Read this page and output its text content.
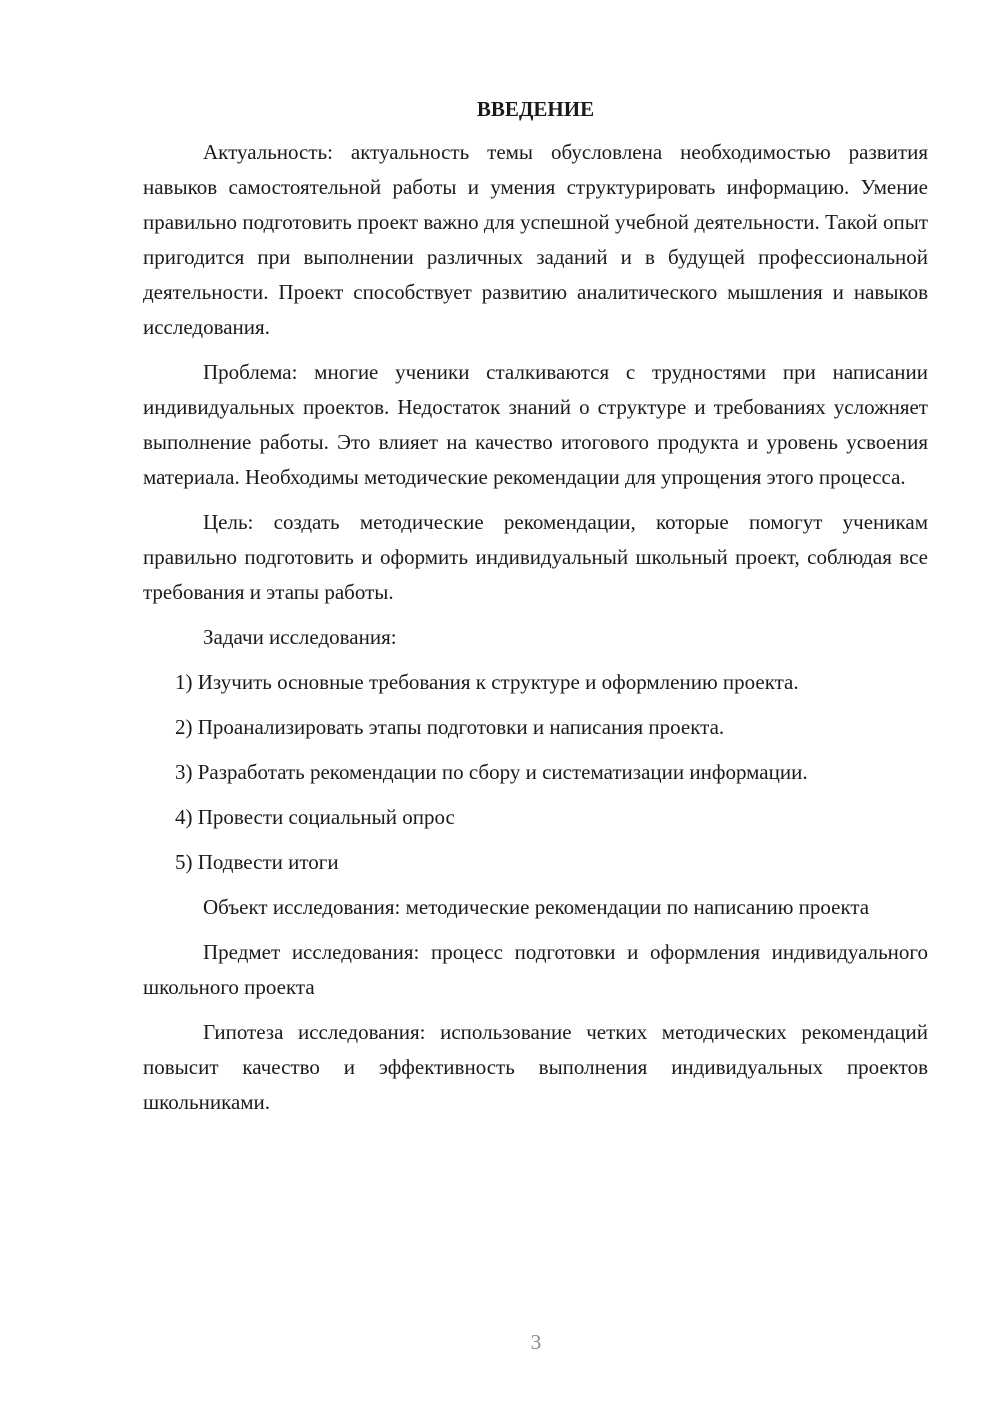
ВВЕДЕНИЕ

Актуальность: актуальность темы обусловлена необходимостью развития навыков самостоятельной работы и умения структурировать информацию. Умение правильно подготовить проект важно для успешной учебной деятельности. Такой опыт пригодится при выполнении различных заданий и в будущей профессиональной деятельности. Проект способствует развитию аналитического мышления и навыков исследования.

Проблема: многие ученики сталкиваются с трудностями при написании индивидуальных проектов. Недостаток знаний о структуре и требованиях усложняет выполнение работы. Это влияет на качество итогового продукта и уровень усвоения материала. Необходимы методические рекомендации для упрощения этого процесса.

Цель: создать методические рекомендации, которые помогут ученикам правильно подготовить и оформить индивидуальный школьный проект, соблюдая все требования и этапы работы.

Задачи исследования:

1) Изучить основные требования к структуре и оформлению проекта.

2) Проанализировать этапы подготовки и написания проекта.

3) Разработать рекомендации по сбору и систематизации информации.

4) Провести социальный опрос

5) Подвести итоги

Объект исследования: методические рекомендации по написанию проекта

Предмет исследования: процесс подготовки и оформления индивидуального школьного проекта

Гипотеза исследования: использование четких методических рекомендаций повысит качество и эффективность выполнения индивидуальных проектов школьниками.

3
